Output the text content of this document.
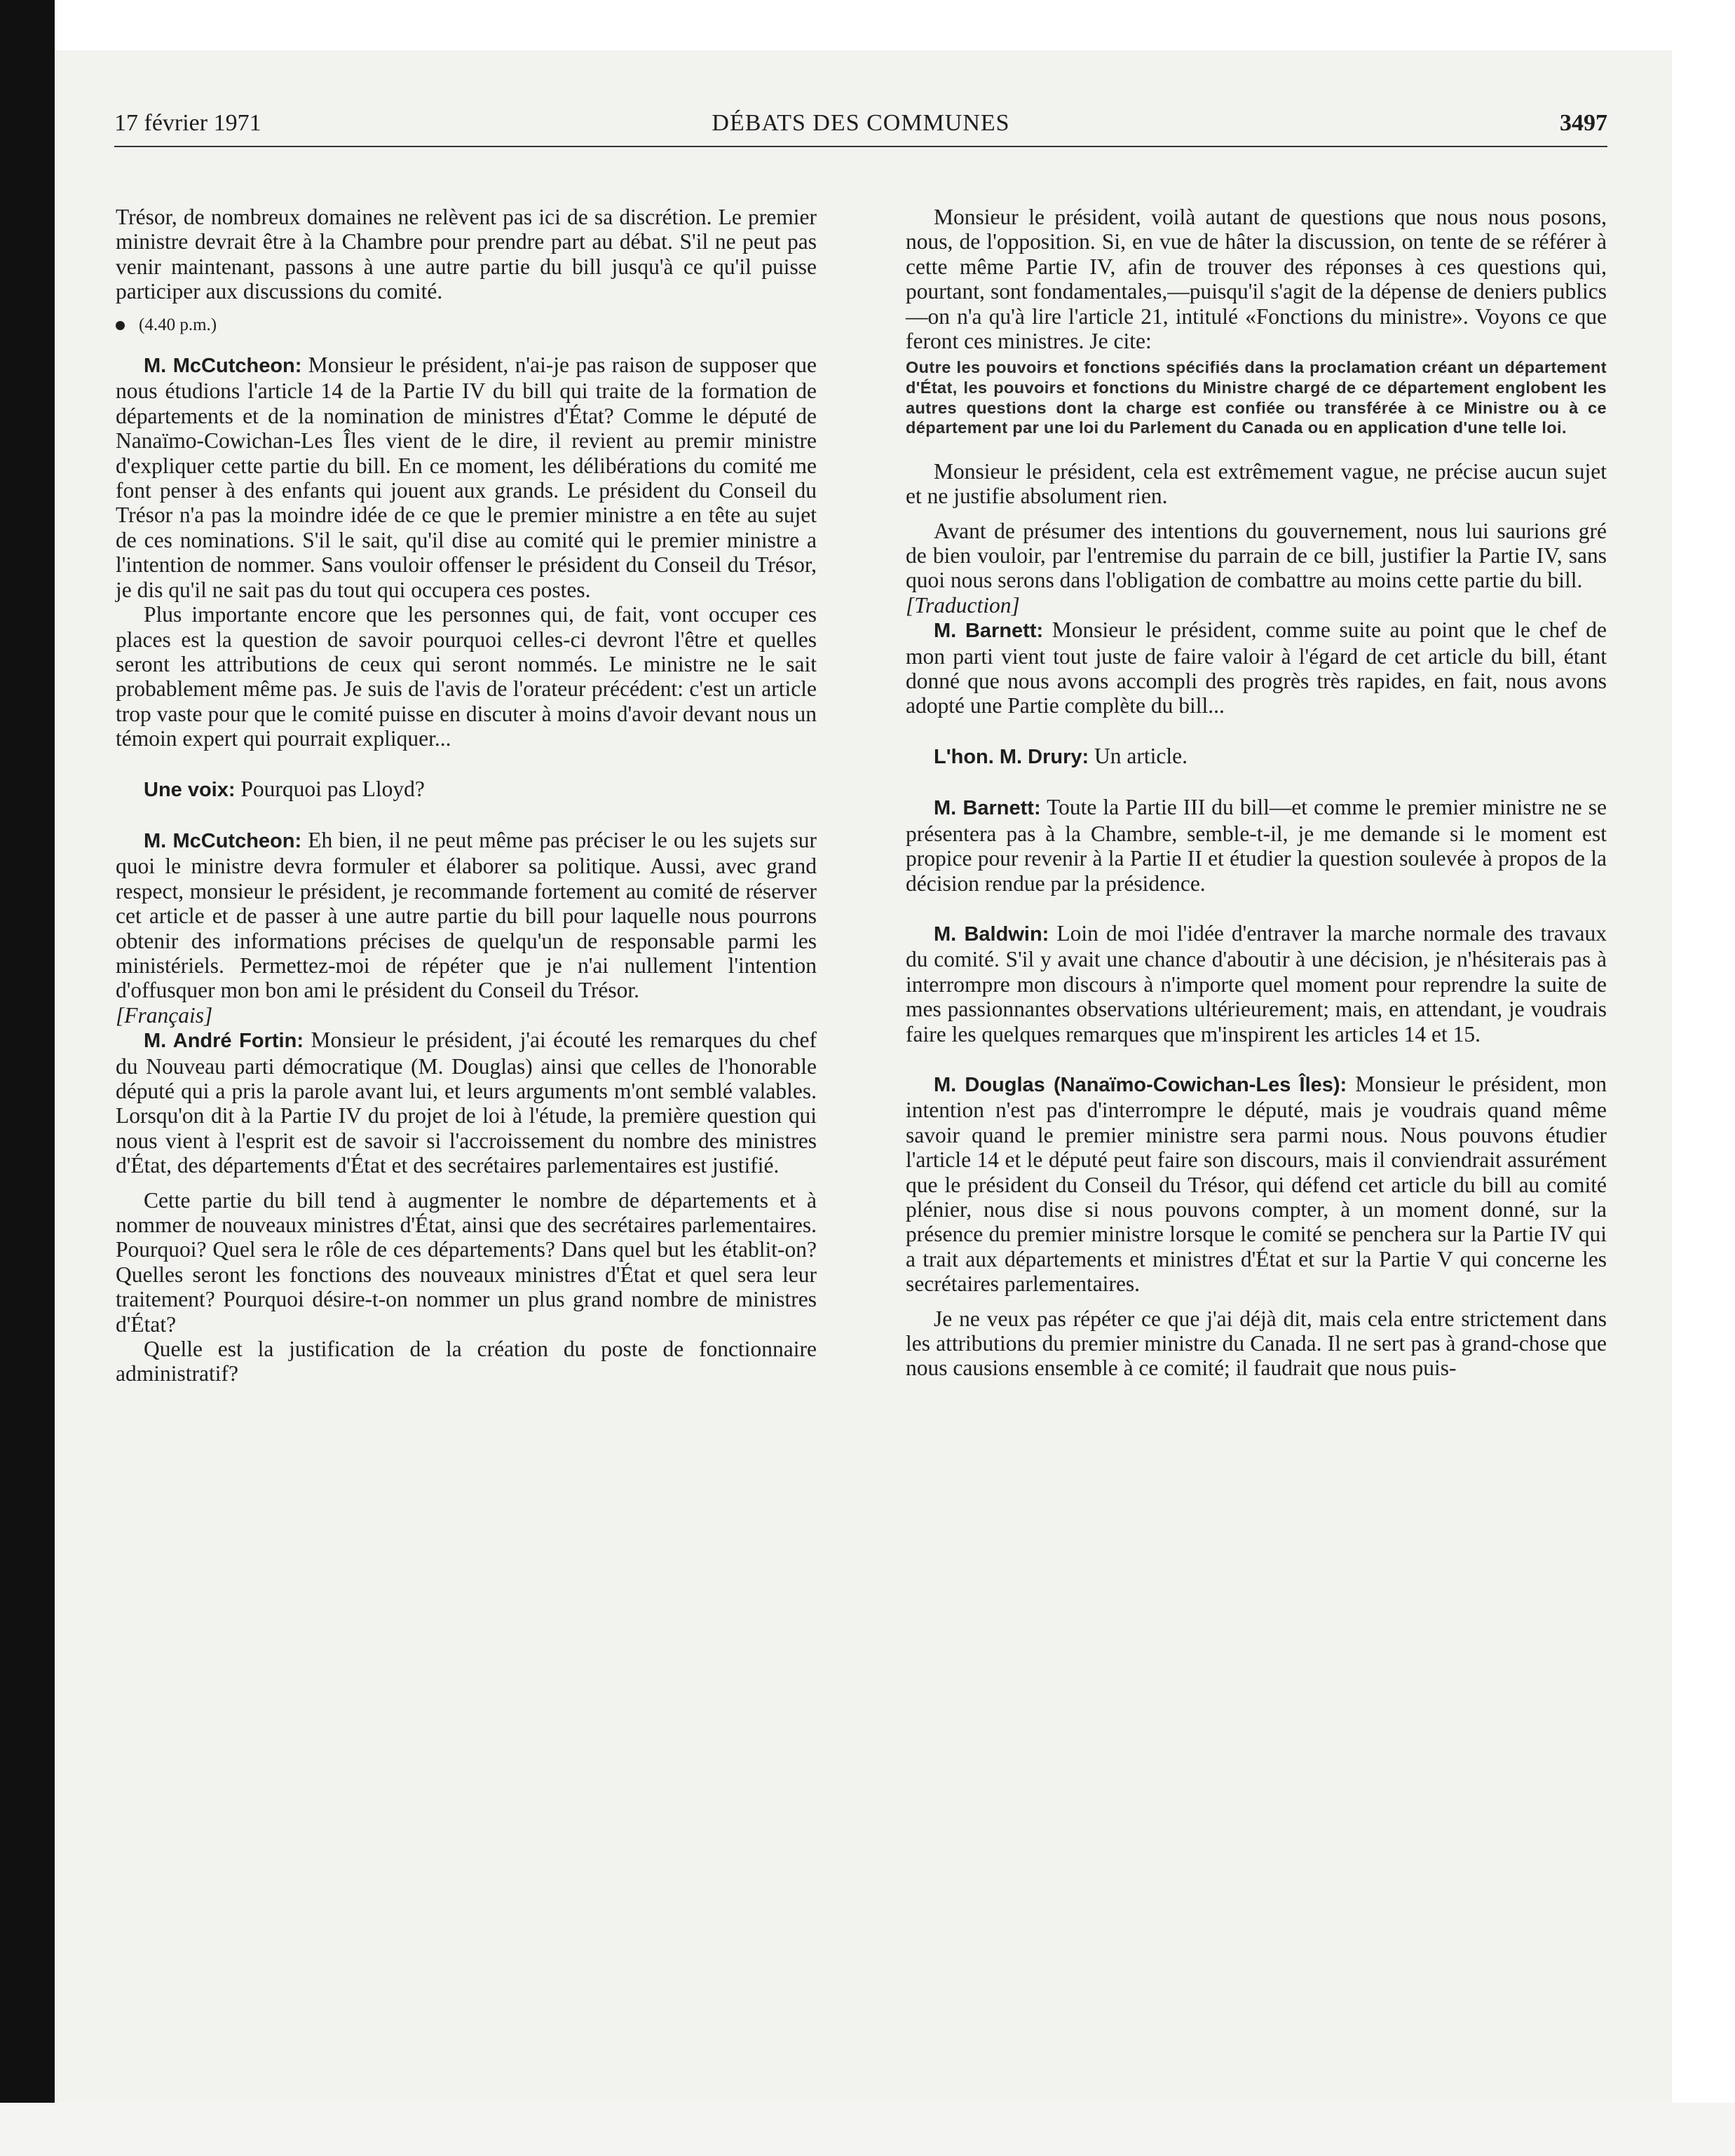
17 février 1971	DÉBATS DES COMMUNES	3497

Trésor, de nombreux domaines ne relèvent pas ici de sa discrétion. Le premier ministre devrait être à la Chambre pour prendre part au débat. S'il ne peut pas venir maintenant, passons à une autre partie du bill jusqu'à ce qu'il puisse participer aux discussions du comité.

(4.40 p.m.)

M. McCutcheon: Monsieur le président, n'ai-je pas raison de supposer que nous étudions l'article 14 de la Partie IV du bill qui traite de la formation de départements et de la nomination de ministres d'État? Comme le député de Nanaïmo-Cowichan-Les Îles vient de le dire, il revient au premir ministre d'expliquer cette partie du bill. En ce moment, les délibérations du comité me font penser à des enfants qui jouent aux grands. Le président du Conseil du Trésor n'a pas la moindre idée de ce que le premier ministre a en tête au sujet de ces nominations. S'il le sait, qu'il dise au comité qui le premier ministre a l'intention de nommer. Sans vouloir offenser le président du Conseil du Trésor, je dis qu'il ne sait pas du tout qui occupera ces postes.

Plus importante encore que les personnes qui, de fait, vont occuper ces places est la question de savoir pourquoi celles-ci devront l'être et quelles seront les attributions de ceux qui seront nommés. Le ministre ne le sait probablement même pas. Je suis de l'avis de l'orateur précédent: c'est un article trop vaste pour que le comité puisse en discuter à moins d'avoir devant nous un témoin expert qui pourrait expliquer...

Une voix: Pourquoi pas Lloyd?

M. McCutcheon: Eh bien, il ne peut même pas préciser le ou les sujets sur quoi le ministre devra formuler et élaborer sa politique. Aussi, avec grand respect, monsieur le président, je recommande fortement au comité de réserver cet article et de passer à une autre partie du bill pour laquelle nous pourrons obtenir des informations précises de quelqu'un de responsable parmi les ministériels. Permettez-moi de répéter que je n'ai nullement l'intention d'offusquer mon bon ami le président du Conseil du Trésor.

[Français]

M. André Fortin: Monsieur le président, j'ai écouté les remarques du chef du Nouveau parti démocratique (M. Douglas) ainsi que celles de l'honorable député qui a pris la parole avant lui, et leurs arguments m'ont semblé valables. Lorsqu'on dit à la Partie IV du projet de loi à l'étude, la première question qui nous vient à l'esprit est de savoir si l'accroissement du nombre des ministres d'État, des départements d'État et des secrétaires parlementaires est justifié.

Cette partie du bill tend à augmenter le nombre de départements et à nommer de nouveaux ministres d'État, ainsi que des secrétaires parlementaires. Pourquoi? Quel sera le rôle de ces départements? Dans quel but les établit-on? Quelles seront les fonctions des nouveaux ministres d'État et quel sera leur traitement? Pourquoi désire-t-on nommer un plus grand nombre de ministres d'État?

Quelle est la justification de la création du poste de fonctionnaire administratif?

Monsieur le président, voilà autant de questions que nous nous posons, nous, de l'opposition. Si, en vue de hâter la discussion, on tente de se référer à cette même Partie IV, afin de trouver des réponses à ces questions qui, pourtant, sont fondamentales,—puisqu'il s'agit de la dépense de deniers publics—on n'a qu'à lire l'article 21, intitulé «Fonctions du ministre». Voyons ce que feront ces ministres. Je cite:

Outre les pouvoirs et fonctions spécifiés dans la proclamation créant un département d'État, les pouvoirs et fonctions du Ministre chargé de ce département englobent les autres questions dont la charge est confiée ou transférée à ce Ministre ou à ce département par une loi du Parlement du Canada ou en application d'une telle loi.

Monsieur le président, cela est extrêmement vague, ne précise aucun sujet et ne justifie absolument rien.

Avant de présumer des intentions du gouvernement, nous lui saurions gré de bien vouloir, par l'entremise du parrain de ce bill, justifier la Partie IV, sans quoi nous serons dans l'obligation de combattre au moins cette partie du bill.

[Traduction]

M. Barnett: Monsieur le président, comme suite au point que le chef de mon parti vient tout juste de faire valoir à l'égard de cet article du bill, étant donné que nous avons accompli des progrès très rapides, en fait, nous avons adopté une Partie complète du bill...

L'hon. M. Drury: Un article.

M. Barnett: Toute la Partie III du bill—et comme le premier ministre ne se présentera pas à la Chambre, semble-t-il, je me demande si le moment est propice pour revenir à la Partie II et étudier la question soulevée à propos de la décision rendue par la présidence.

M. Baldwin: Loin de moi l'idée d'entraver la marche normale des travaux du comité. S'il y avait une chance d'aboutir à une décision, je n'hésiterais pas à interrompre mon discours à n'importe quel moment pour reprendre la suite de mes passionnantes observations ultérieurement; mais, en attendant, je voudrais faire les quelques remarques que m'inspirent les articles 14 et 15.

M. Douglas (Nanaïmo-Cowichan-Les Îles): Monsieur le président, mon intention n'est pas d'interrompre le député, mais je voudrais quand même savoir quand le premier ministre sera parmi nous. Nous pouvons étudier l'article 14 et le député peut faire son discours, mais il conviendrait assurément que le président du Conseil du Trésor, qui défend cet article du bill au comité plénier, nous dise si nous pouvons compter, à un moment donné, sur la présence du premier ministre lorsque le comité se penchera sur la Partie IV qui a trait aux départements et ministres d'État et sur la Partie V qui concerne les secrétaires parlementaires.

Je ne veux pas répéter ce que j'ai déjà dit, mais cela entre strictement dans les attributions du premier ministre du Canada. Il ne sert pas à grand-chose que nous causions ensemble à ce comité; il faudrait que nous puis-
